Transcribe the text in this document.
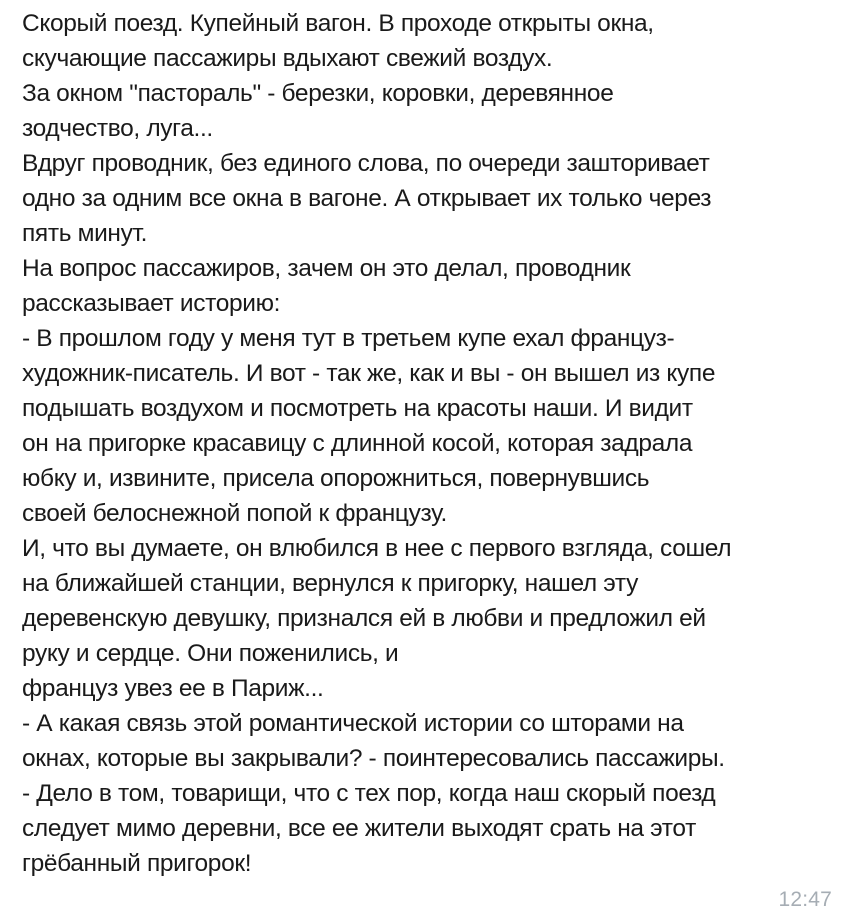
Скорый поезд. Купейный вагон. В проходе открыты окна,
скучающие пассажиры вдыхают свежий воздух.
За окном "пастораль" - березки, коровки, деревянное
зодчество, луга...
Вдруг проводник, без единого слова, по очереди зашторивает
одно за одним все окна в вагоне. А открывает их только через
пять минут.
На вопрос пассажиров, зачем он это делал, проводник
рассказывает историю:
- В прошлом году у меня тут в третьем купе ехал француз-
художник-писатель. И вот - так же, как и вы - он вышел из купе
подышать воздухом и посмотреть на красоты наши. И видит
он на пригорке красавицу с длинной косой, которая задрала
юбку и, извините, присела опорожниться, повернувшись
своей белоснежной попой к французу.
И, что вы думаете, он влюбился в нее с первого взгляда, сошел
на ближайшей станции, вернулся к пригорку, нашел эту
деревенскую девушку, признался ей в любви и предложил ей
руку и сердце. Они поженились, и
француз увез ее в Париж...
- А какая связь этой романтической истории со шторами на
окнах, которые вы закрывали? - поинтересовались пассажиры.
- Дело в том, товарищи, что с тех пор, когда наш скорый поезд
следует мимо деревни, все ее жители выходят срать на этот
грёбанный пригорок!
12:47
